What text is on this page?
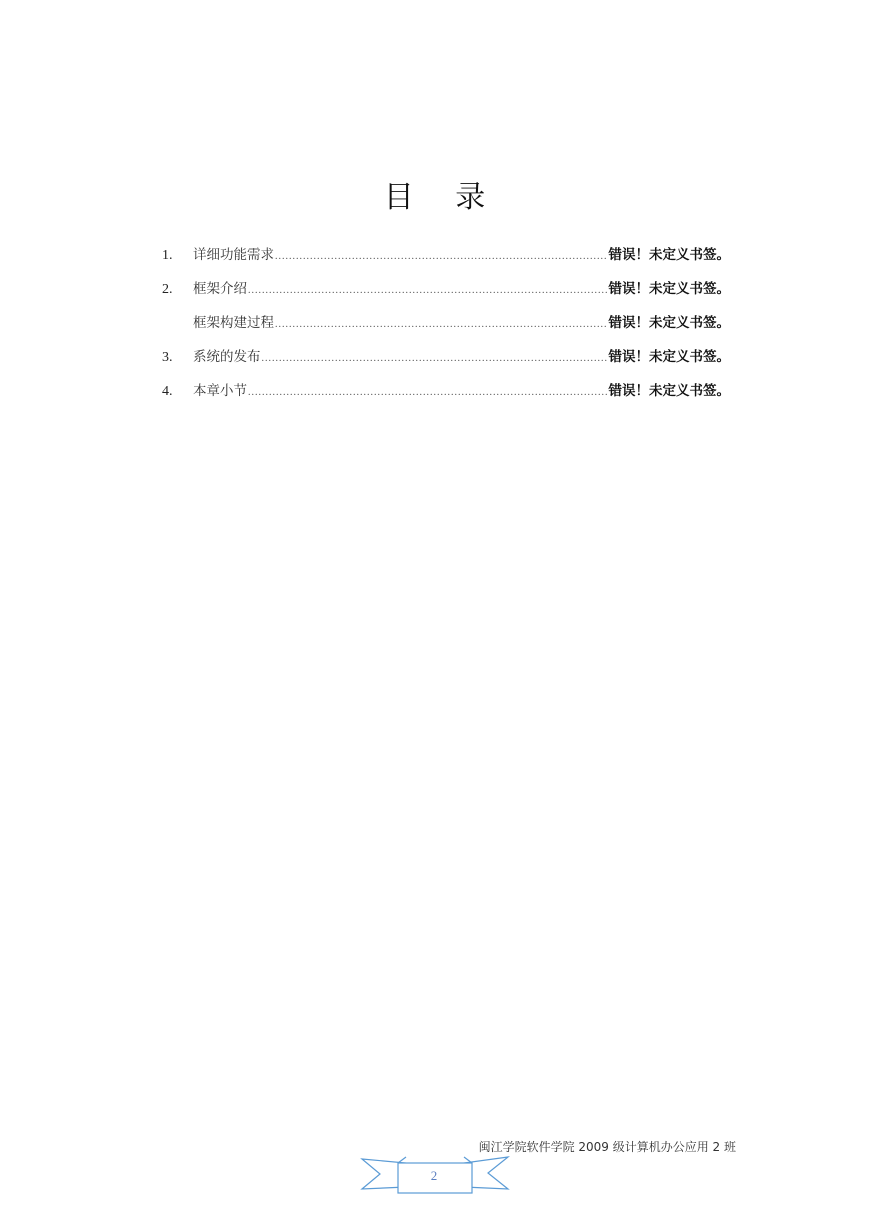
目 录
1.	详细功能需求 .....	错误！未定义书签。
2.	框架介绍 .....	错误！未定义书签。
框架构建过程 .....	错误！未定义书签。
3.	系统的发布 .....	错误！未定义书签。
4.	本章小节 .....	错误！未定义书签。
闽江学院软件学院 2009 级计算机办公应用 2 班
2
